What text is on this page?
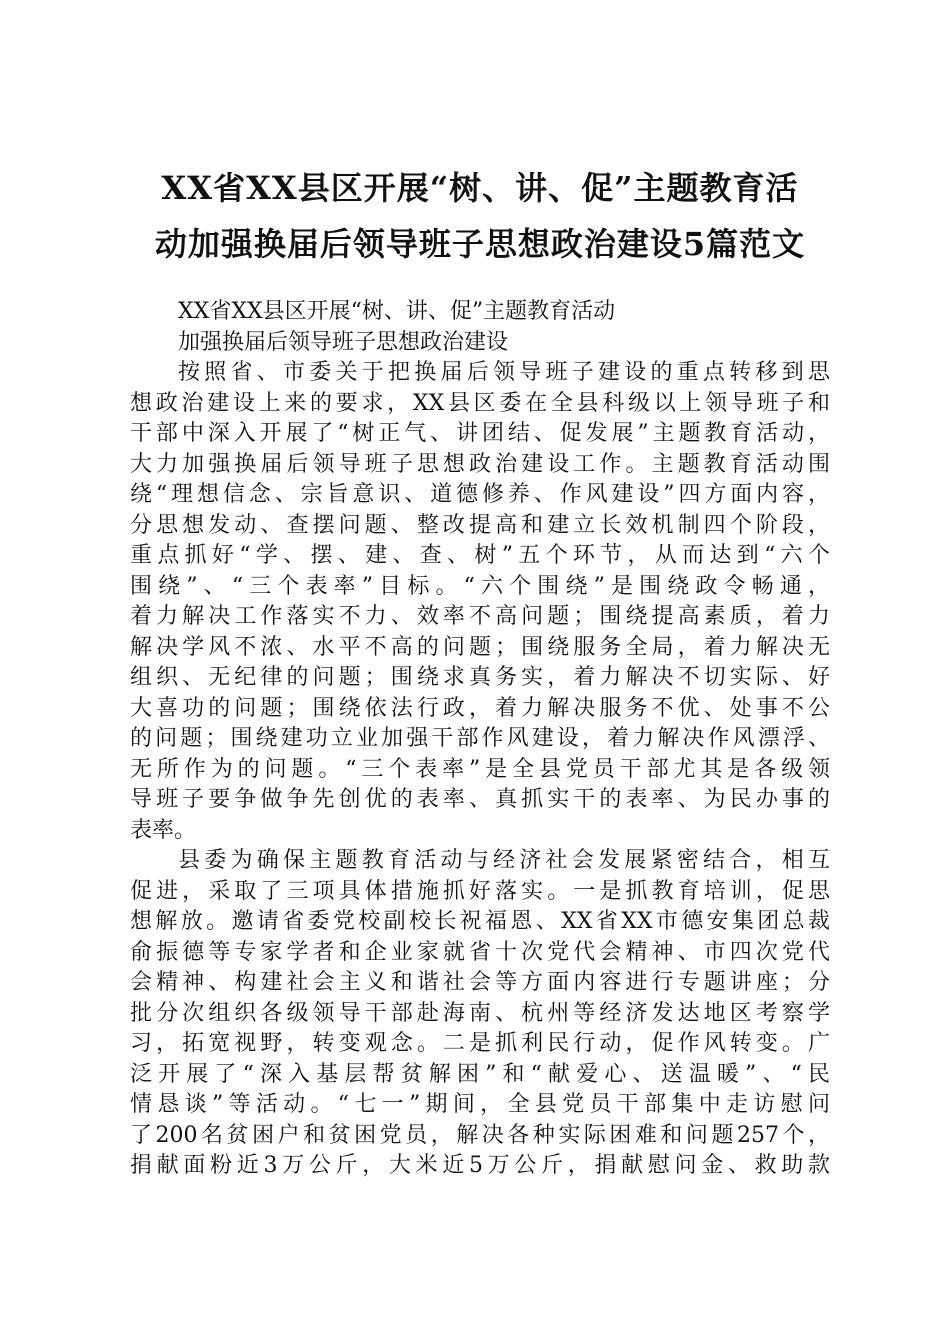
XX省XX县区开展“树、讲、促”主题教育活
动加强换届后领导班子思想政治建设5篇范文
XX省XX县区开展“树、讲、促”主题教育活动
加强换届后领导班子思想政治建设
按照省、市委关于把换届后领导班子建设的重点转移到思
想政治建设上来的要求，XX县区委在全县科级以上领导班子和
干部中深入开展了“树正气、讲团结、促发展”主题教育活动，
大力加强换届后领导班子思想政治建设工作。主题教育活动围
绕“理想信念、宗旨意识、道德修养、作风建设”四方面内容，
分思想发动、查摆问题、整改提高和建立长效机制四个阶段，
重点抓好“学、摆、建、查、树”五个环节，从而达到“六个
围绕”、“三个表率”目标。“六个围绕”是围绕政令畅通，
着力解决工作落实不力、效率不高问题；围绕提高素质，着力
解决学风不浓、水平不高的问题；围绕服务全局，着力解决无
组织、无纪律的问题；围绕求真务实，着力解决不切实际、好
大喜功的问题；围绕依法行政，着力解决服务不优、处事不公
的问题；围绕建功立业加强干部作风建设，着力解决作风漂浮、
无所作为的问题。“三个表率”是全县党员干部尤其是各级领
导班子要争做争先创优的表率、真抓实干的表率、为民办事的
表率。
县委为确保主题教育活动与经济社会发展紧密结合，相互
促进，采取了三项具体措施抓好落实。一是抓教育培训，促思
想解放。邀请省委党校副校长祝福恩、XX省XX市德安集团总裁
俞振德等专家学者和企业家就省十次党代会精神、市四次党代
会精神、构建社会主义和谐社会等方面内容进行专题讲座；分
批分次组织各级领导干部赴海南、杭州等经济发达地区考察学
习，拓宽视野，转变观念。二是抓利民行动，促作风转变。广
泛开展了“深入基层帮贫解困”和“献爱心、送温暖”、“民
情恳谈”等活动。“七一”期间，全县党员干部集中走访慰问
了200名贫困户和贫困党员，解决各种实际困难和问题257个，
捐献面粉近3万公斤，大米近5万公斤，捐献慰问金、救助款
